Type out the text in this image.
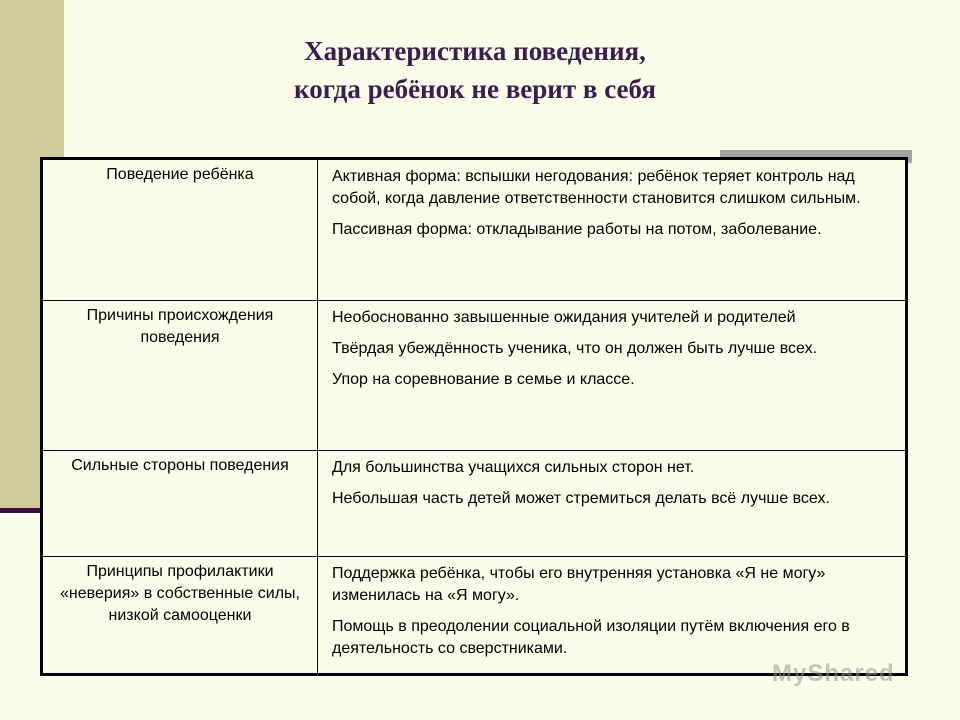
Характеристика поведения,
когда ребёнок не верит в себя
Поведение ребёнка	Активная форма: вспышки негодования: ребёнок теряет контроль над собой, когда давление ответственности становится слишком сильным.

Пассивная форма: откладывание работы на потом, заболевание.

Причины происхождения поведения	Необоснованно завышенные ожидания учителей и родителей

Твёрдая убеждённость ученика, что он должен быть лучше всех.

Упор на соревнование в семье и классе.

Сильные стороны поведения	Для большинства учащихся сильных сторон нет.

Небольшая часть детей может стремиться делать всё лучше всех.

Принципы профилактики «неверия» в собственные силы, низкой самооценки	Поддержка ребёнка, чтобы его внутренняя установка «Я не могу» изменилась на «Я могу».

Помощь в преодолении социальной изоляции путём включения его в деятельность со сверстниками.

MyShared
